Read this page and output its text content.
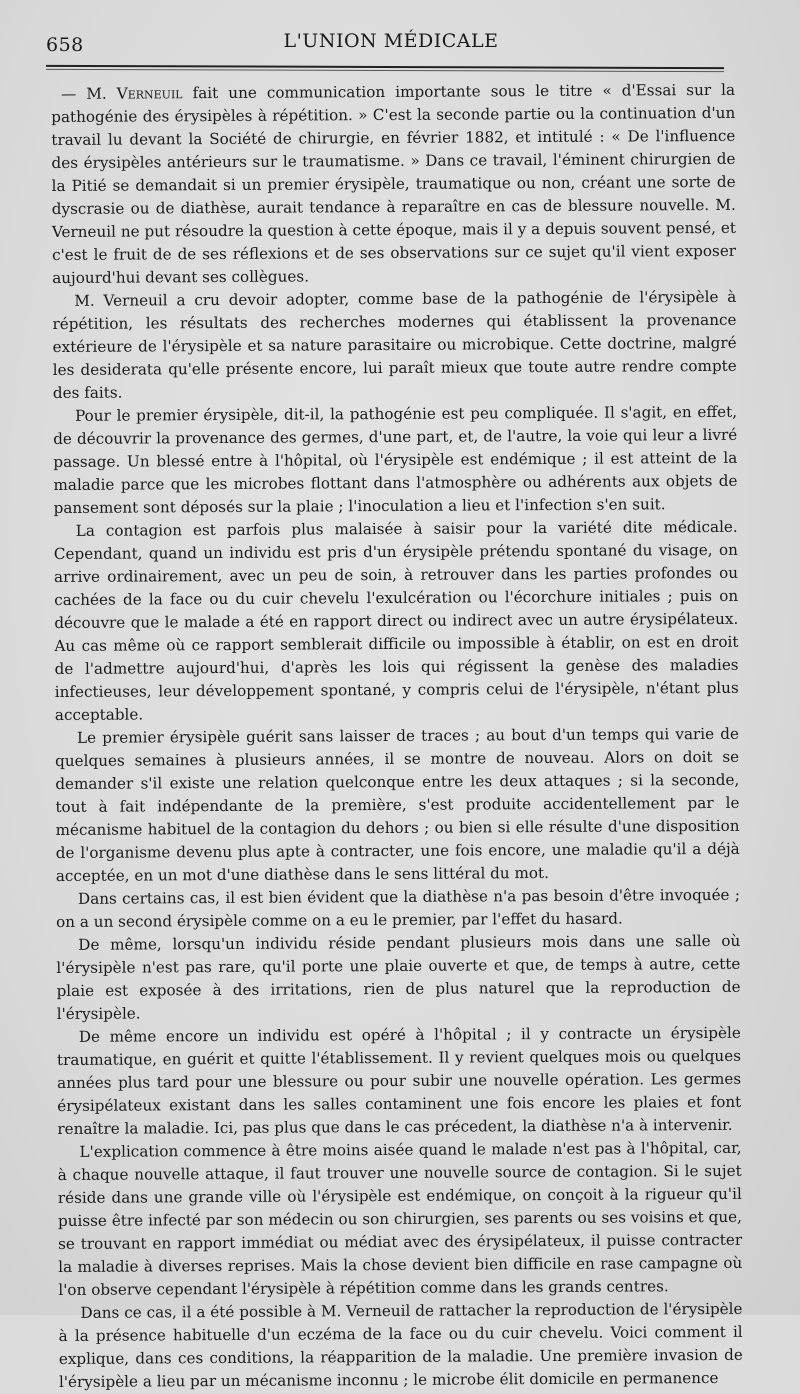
658	L'UNION MÉDICALE

— M. Verneuil fait une communication importante sous le titre « d'Essai sur la pathogénie des érysipèles à répétition. » C'est la seconde partie ou la continuation d'un travail lu devant la Société de chirurgie, en février 1882, et intitulé : « De l'influence des érysipèles antérieurs sur le traumatisme. » Dans ce travail, l'éminent chirurgien de la Pitié se demandait si un premier érysipèle, traumatique ou non, créant une sorte de dyscrasie ou de diathèse, aurait tendance à reparaître en cas de blessure nouvelle. M. Verneuil ne put résoudre la question à cette époque, mais il y a depuis souvent pensé, et c'est le fruit de de ses réflexions et de ses observations sur ce sujet qu'il vient exposer aujourd'hui devant ses collègues.

M. Verneuil a cru devoir adopter, comme base de la pathogénie de l'érysipèle à répétition, les résultats des recherches modernes qui établissent la provenance extérieure de l'érysipèle et sa nature parasitaire ou microbique. Cette doctrine, malgré les desiderata qu'elle présente encore, lui paraît mieux que toute autre rendre compte des faits.

Pour le premier érysipèle, dit-il, la pathogénie est peu compliquée. Il s'agit, en effet, de découvrir la provenance des germes, d'une part, et, de l'autre, la voie qui leur a livré passage. Un blessé entre à l'hôpital, où l'érysipèle est endémique ; il est atteint de la maladie parce que les microbes flottant dans l'atmosphère ou adhérents aux objets de pansement sont déposés sur la plaie ; l'inoculation a lieu et l'infection s'en suit.

La contagion est parfois plus malaisée à saisir pour la variété dite médicale. Cependant, quand un individu est pris d'un érysipèle prétendu spontané du visage, on arrive ordinairement, avec un peu de soin, à retrouver dans les parties profondes ou cachées de la face ou du cuir chevelu l'exulcération ou l'écorchure initiales ; puis on découvre que le malade a été en rapport direct ou indirect avec un autre érysipélateux. Au cas même où ce rapport semblerait difficile ou impossible à établir, on est en droit de l'admettre aujourd'hui, d'après les lois qui régissent la genèse des maladies infectieuses, leur développement spontané, y compris celui de l'érysipèle, n'étant plus acceptable.

Le premier érysipèle guérit sans laisser de traces ; au bout d'un temps qui varie de quelques semaines à plusieurs années, il se montre de nouveau. Alors on doit se demander s'il existe une relation quelconque entre les deux attaques ; si la seconde, tout à fait indépendante de la première, s'est produite accidentellement par le mécanisme habituel de la contagion du dehors ; ou bien si elle résulte d'une disposition de l'organisme devenu plus apte à contracter, une fois encore, une maladie qu'il a déjà acceptée, en un mot d'une diathèse dans le sens littéral du mot.

Dans certains cas, il est bien évident que la diathèse n'a pas besoin d'être invoquée ; on a un second érysipèle comme on a eu le premier, par l'effet du hasard.

De même, lorsqu'un individu réside pendant plusieurs mois dans une salle où l'érysipèle n'est pas rare, qu'il porte une plaie ouverte et que, de temps à autre, cette plaie est exposée à des irritations, rien de plus naturel que la reproduction de l'érysipèle.

De même encore un individu est opéré à l'hôpital ; il y contracte un érysipèle traumatique, en guérit et quitte l'établissement. Il y revient quelques mois ou quelques années plus tard pour une blessure ou pour subir une nouvelle opération. Les germes érysipélateux existant dans les salles contaminent une fois encore les plaies et font renaître la maladie. Ici, pas plus que dans le cas précedent, la diathèse n'a à intervenir.

L'explication commence à être moins aisée quand le malade n'est pas à l'hôpital, car, à chaque nouvelle attaque, il faut trouver une nouvelle source de contagion. Si le sujet réside dans une grande ville où l'érysipèle est endémique, on conçoit à la rigueur qu'il puisse être infecté par son médecin ou son chirurgien, ses parents ou ses voisins et que, se trouvant en rapport immédiat ou médiat avec des érysipélateux, il puisse contracter la maladie à diverses reprises. Mais la chose devient bien difficile en rase campagne où l'on observe cependant l'érysipèle à répétition comme dans les grands centres.

Dans ce cas, il a été possible à M. Verneuil de rattacher la reproduction de l'érysipèle à la présence habituelle d'un eczéma de la face ou du cuir chevelu. Voici comment il explique, dans ces conditions, la réapparition de la maladie. Une première invasion de l'érysipèle a lieu par un mécanisme inconnu ; le microbe élit domicile en permanence
